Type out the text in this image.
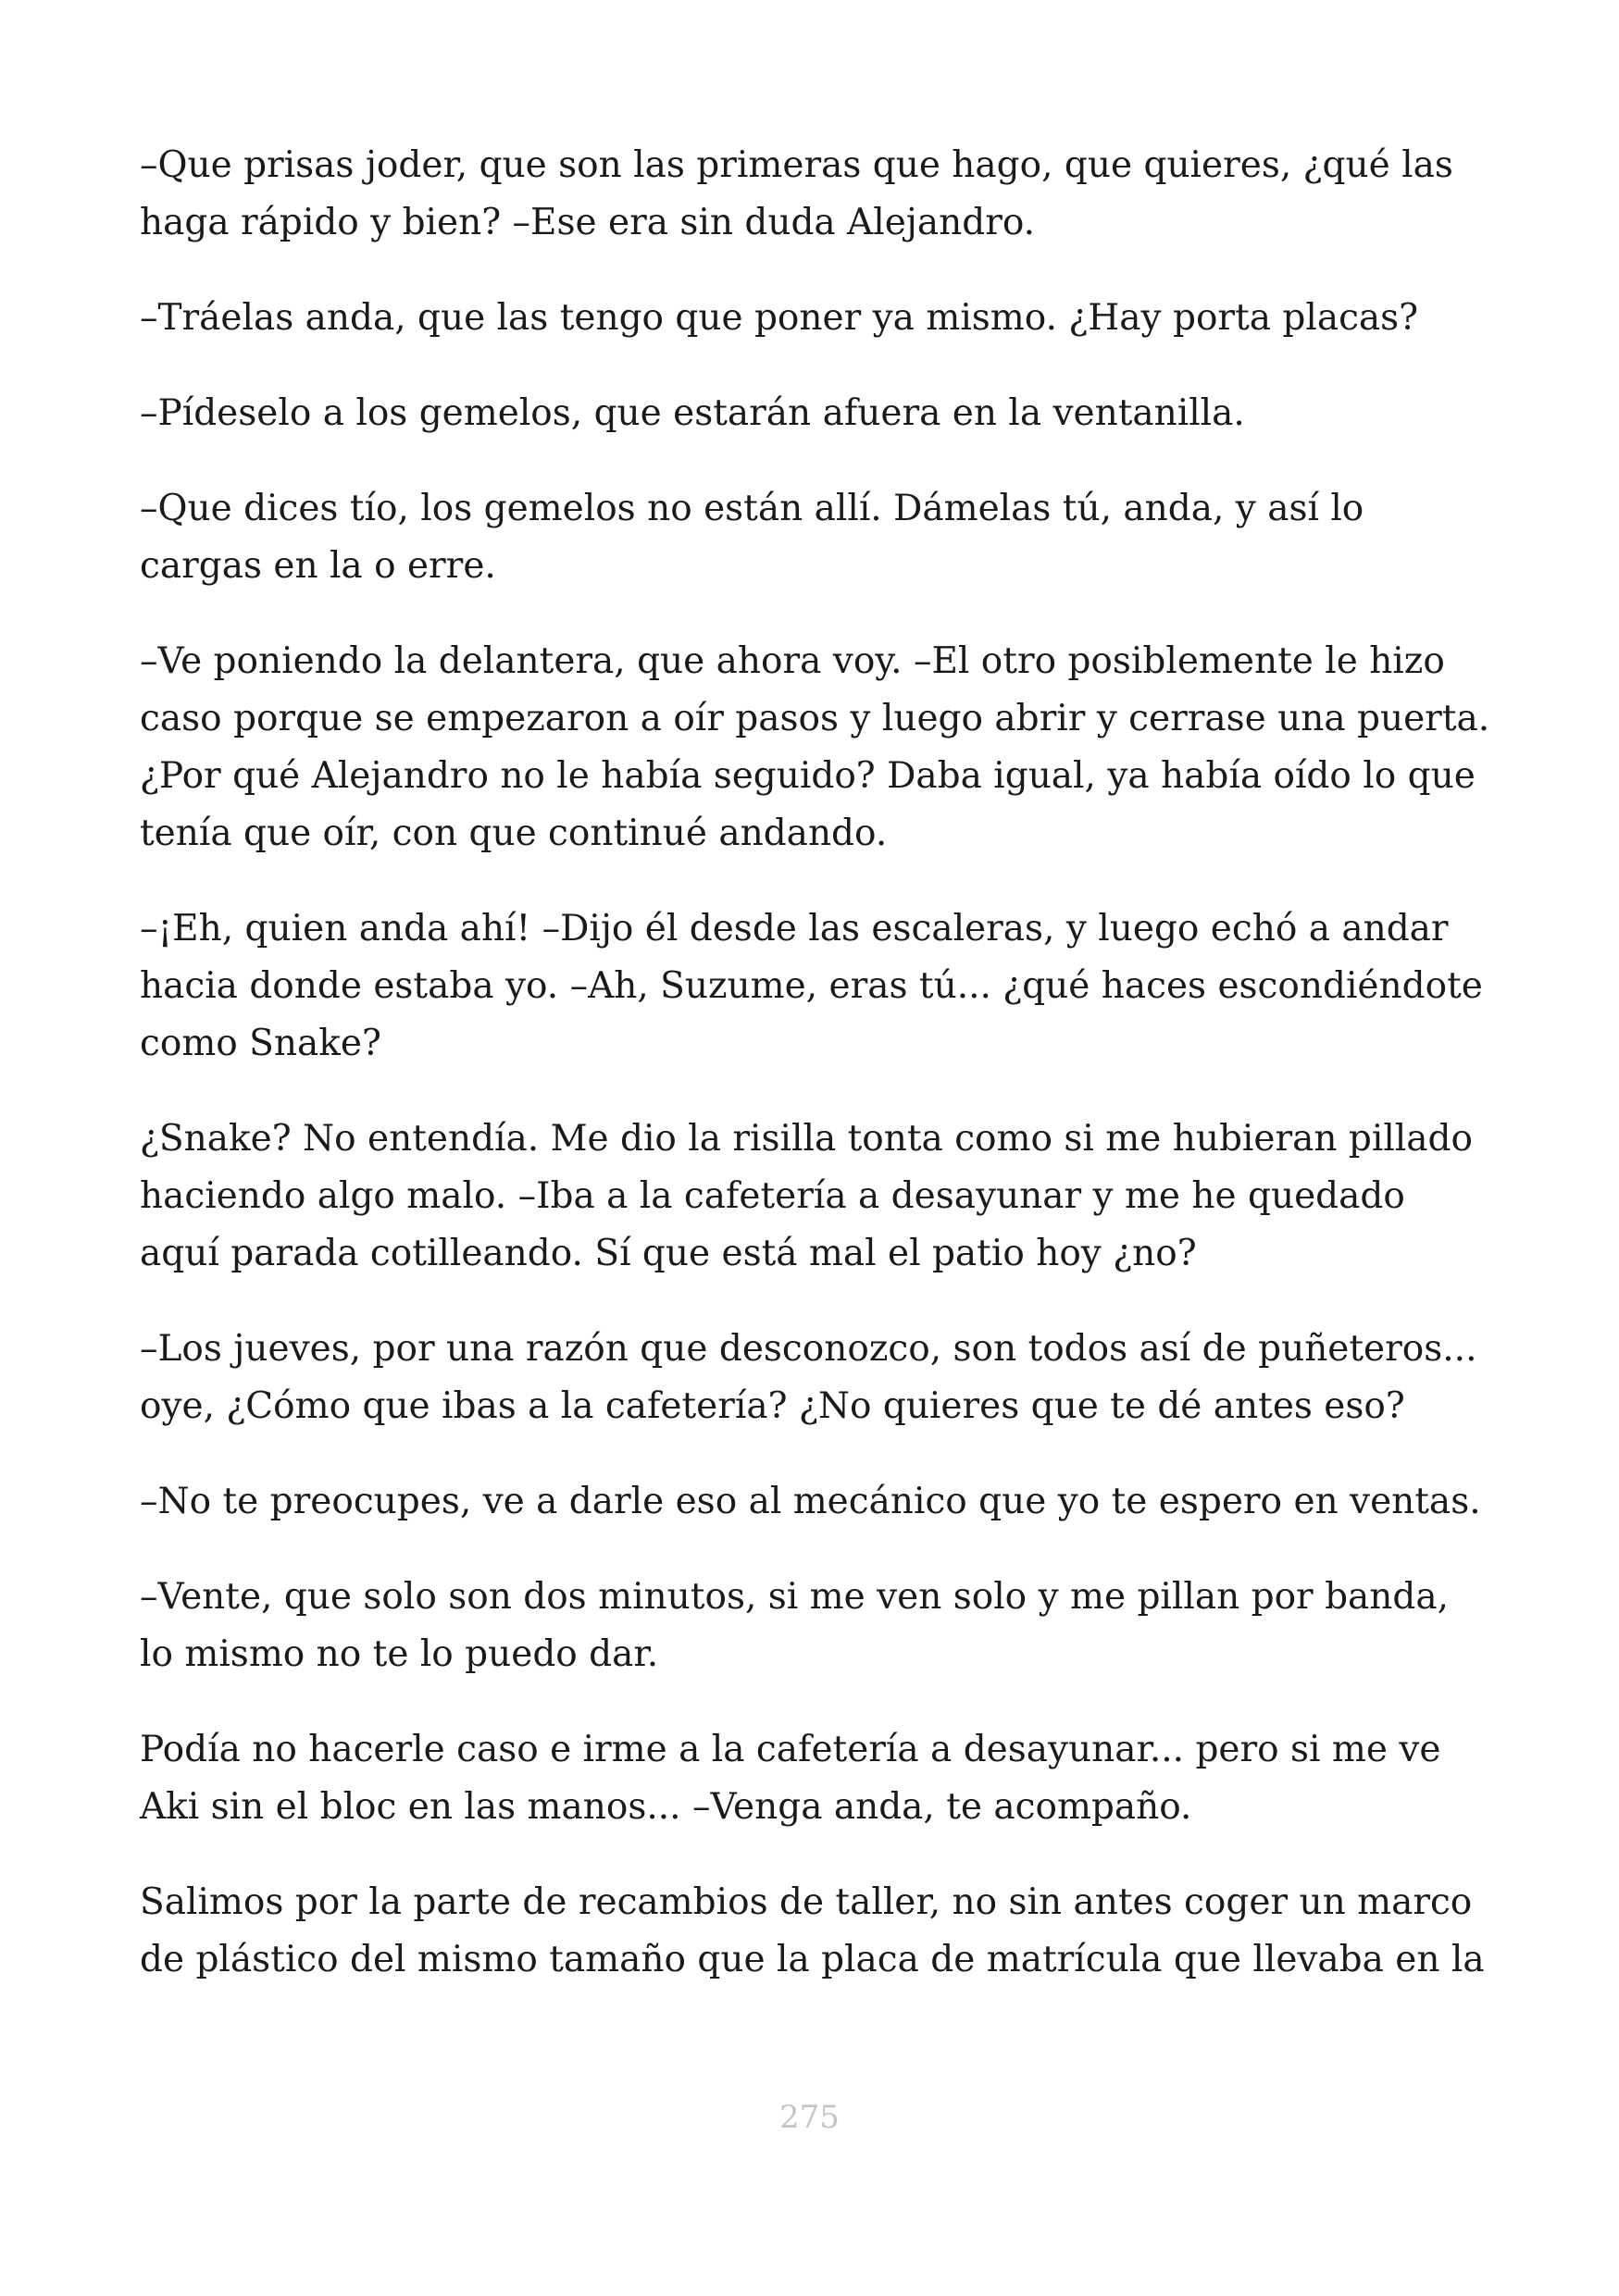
–Que prisas joder, que son las primeras que hago, que quieres, ¿qué las haga rápido y bien? –Ese era sin duda Alejandro.

–Tráelas anda, que las tengo que poner ya mismo. ¿Hay porta placas?

–Pídeselo a los gemelos, que estarán afuera en la ventanilla.

–Que dices tío, los gemelos no están allí. Dámelas tú, anda, y así lo cargas en la o erre.

–Ve poniendo la delantera, que ahora voy. –El otro posiblemente le hizo caso porque se empezaron a oír pasos y luego abrir y cerrase una puerta. ¿Por qué Alejandro no le había seguido? Daba igual, ya había oído lo que tenía que oír, con que continué andando.

–¡Eh, quien anda ahí! –Dijo él desde las escaleras, y luego echó a andar hacia donde estaba yo. –Ah, Suzume, eras tú... ¿qué haces escondiéndote como Snake?

¿Snake? No entendía. Me dio la risilla tonta como si me hubieran pillado haciendo algo malo. –Iba a la cafetería a desayunar y me he quedado aquí parada cotilleando. Sí que está mal el patio hoy ¿no?

–Los jueves, por una razón que desconozco, son todos así de puñeteros... oye, ¿Cómo que ibas a la cafetería? ¿No quieres que te dé antes eso?

–No te preocupes, ve a darle eso al mecánico que yo te espero en ventas.

–Vente, que solo son dos minutos, si me ven solo y me pillan por banda, lo mismo no te lo puedo dar.

Podía no hacerle caso e irme a la cafetería a desayunar... pero si me ve Aki sin el bloc en las manos... –Venga anda, te acompaño.

Salimos por la parte de recambios de taller, no sin antes coger un marco de plástico del mismo tamaño que la placa de matrícula que llevaba en la

275
